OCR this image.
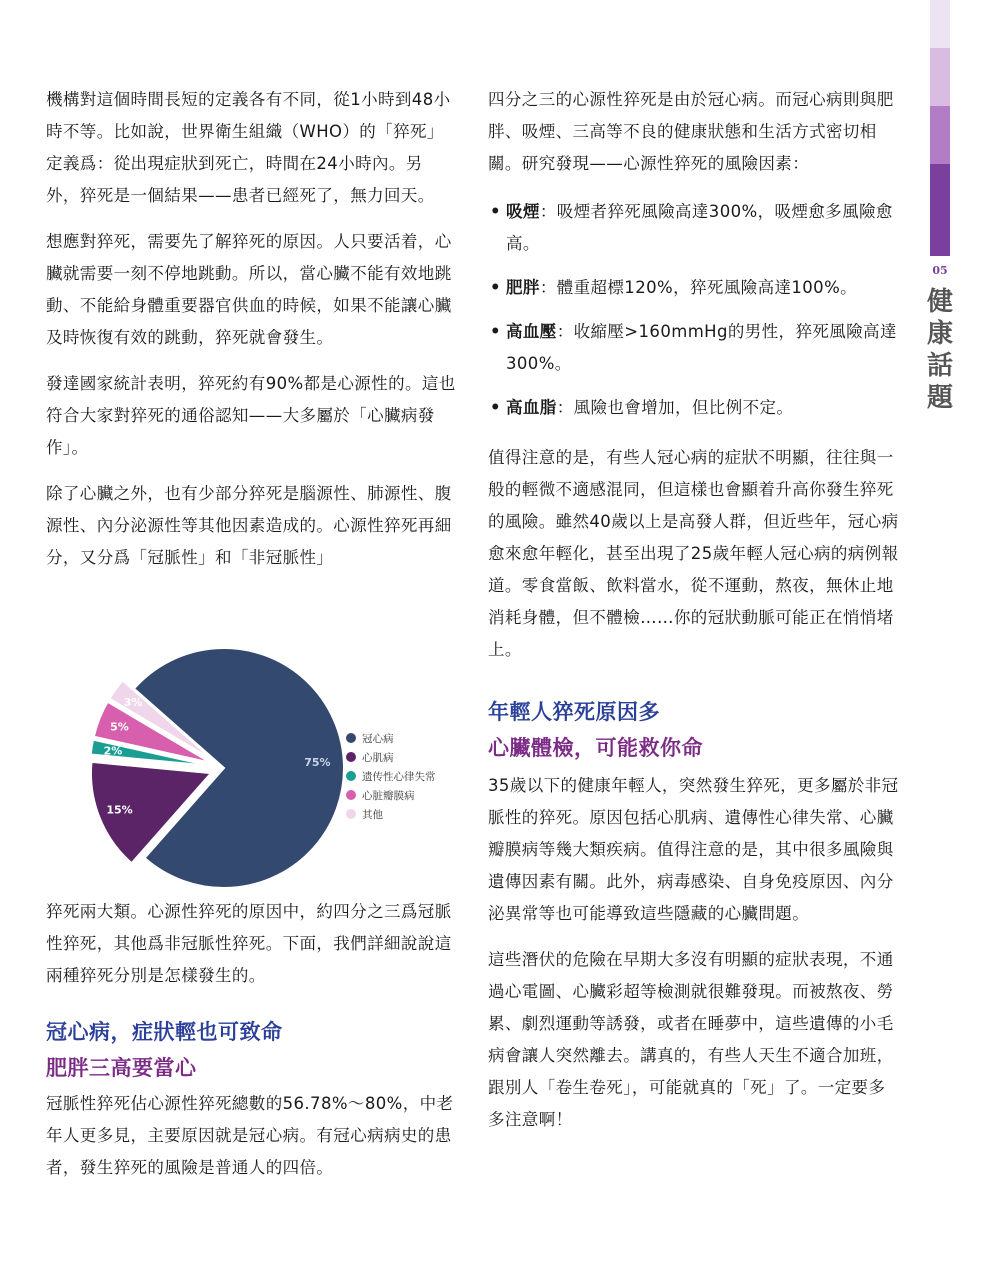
05
健
康
話
題

機構對這個時間長短的定義各有不同，從1小時到48小時不等。比如說，世界衛生組織（WHO）的「猝死」定義爲：從出現症狀到死亡，時間在24小時內。另外，猝死是一個結果——患者已經死了，無力回天。

想應對猝死，需要先了解猝死的原因。人只要活着，心臟就需要一刻不停地跳動。所以，當心臟不能有效地跳動、不能給身體重要器官供血的時候，如果不能讓心臟及時恢復有效的跳動，猝死就會發生。

發達國家統計表明，猝死約有90%都是心源性的。這也符合大家對猝死的通俗認知——大多屬於「心臟病發作」。

除了心臟之外，也有少部分猝死是腦源性、肺源性、腹源性、內分泌源性等其他因素造成的。心源性猝死再細分，又分爲「冠脈性」和「非冠脈性」

75%
15%
2%
5%
3%
冠心病
心肌病
遗传性心律失常
心脏瓣膜病
其他

猝死兩大類。心源性猝死的原因中，約四分之三爲冠脈性猝死，其他爲非冠脈性猝死。下面，我們詳細說說這兩種猝死分別是怎樣發生的。

冠心病，症狀輕也可致命
肥胖三高要當心

冠脈性猝死佔心源性猝死總數的56.78%～80%，中老年人更多見，主要原因就是冠心病。有冠心病病史的患者，發生猝死的風險是普通人的四倍。

四分之三的心源性猝死是由於冠心病。而冠心病則與肥胖、吸煙、三高等不良的健康狀態和生活方式密切相關。研究發現——心源性猝死的風險因素：

• 吸煙：吸煙者猝死風險高達300%，吸煙愈多風險愈高。
• 肥胖：體重超標120%，猝死風險高達100%。
• 高血壓：收縮壓>160mmHg的男性，猝死風險高達300%。
• 高血脂：風險也會增加，但比例不定。

值得注意的是，有些人冠心病的症狀不明顯，往往與一般的輕微不適感混同，但這樣也會顯着升高你發生猝死的風險。雖然40歲以上是高發人群，但近些年，冠心病愈來愈年輕化，甚至出現了25歲年輕人冠心病的病例報道。零食當飯、飲料當水，從不運動，熬夜，無休止地消耗身體，但不體檢……你的冠狀動脈可能正在悄悄堵上。

年輕人猝死原因多
心臟體檢，可能救你命

35歲以下的健康年輕人，突然發生猝死，更多屬於非冠脈性的猝死。原因包括心肌病、遺傳性心律失常、心臟瓣膜病等幾大類疾病。值得注意的是，其中很多風險與遺傳因素有關。此外，病毒感染、自身免疫原因、內分泌異常等也可能導致這些隱藏的心臟問題。

這些潛伏的危險在早期大多沒有明顯的症狀表現，不通過心電圖、心臟彩超等檢測就很難發現。而被熬夜、勞累、劇烈運動等誘發，或者在睡夢中，這些遺傳的小毛病會讓人突然離去。講真的，有些人天生不適合加班，跟別人「卷生卷死」，可能就真的「死」了。一定要多多注意啊！
